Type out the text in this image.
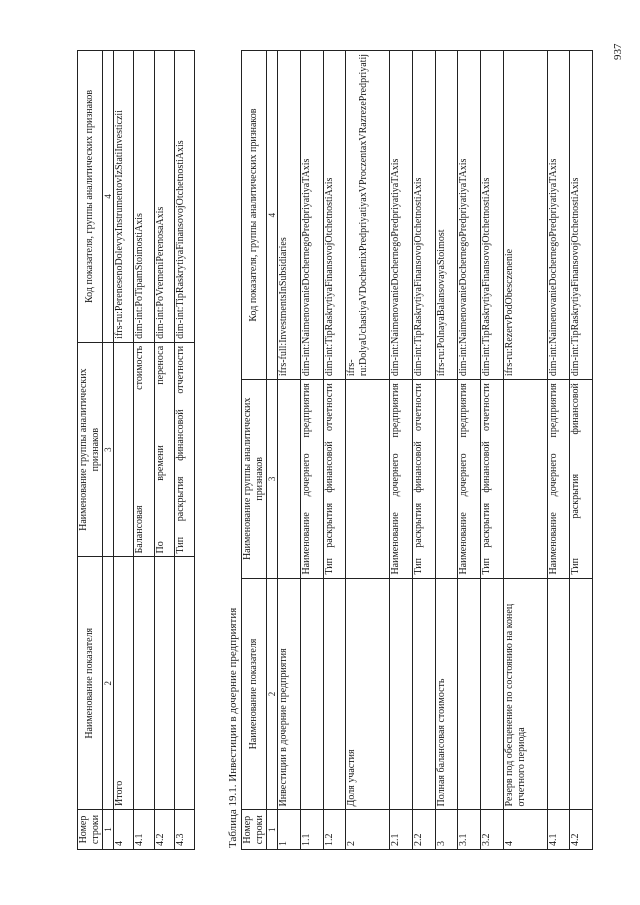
937
Номер строки	Наименование показателя	Наименование группы аналитических признаков	Код показателя, группы аналитических признаков
1	2	3	4
4	Итого		ifrs-ru:PerenesenoDolevyxInstrumentovIzStatiInvesticzii
4.1		Балансовая стоимость	dim-int:PoTipamStoimostiAxis
4.2		По времени переноса	dim-int:PoVremeniPerenosaAxis
4.3		Тип раскрытия финансовой отчетности	dim-int:TipRaskrytiyaFinansovojOtchetnostiAxis
Таблица 19.1. Инвестиции в дочерние предприятия Номер строки	Наименование показателя	Наименование группы аналитических признаков	Код показателя, группы аналитических признаков
1	2	3	4
1	Инвестиции в дочерние предприятия		ifrs-full:InvestmentsInSubsidiaries
1.1		Наименование дочернего предприятия	dim-int:NaimenovanieDochernegoPredpriyatiyaTAxis
1.2		Тип раскрытия финансовой отчетности	dim-int:TipRaskrytiyaFinansovojOtchetnostiAxis
2	Доля участия		ifrs-ru:DolyaUchastiyaVDochernixPredpriyatiyaxVProczentaxVRazrezePredpriyatij
2.1		Наименование дочернего предприятия	dim-int:NaimenovanieDochernegoPredpriyatiyaTAxis
2.2		Тип раскрытия финансовой отчетности	dim-int:TipRaskrytiyaFinansovojOtchetnostiAxis
3	Полная балансовая стоимость		ifrs-ru:PolnayaBalansovayaStoimost
3.1		Наименование дочернего предприятия	dim-int:NaimenovanieDochernegoPredpriyatiyaTAxis
3.2		Тип раскрытия финансовой отчетности	dim-int:TipRaskrytiyaFinansovojOtchetnostiAxis
4	Резерв под обесценение по состоянию на конец отчетного периода		ifrs-ru:RezervPodObesczenenie
4.1		Наименование дочернего предприятия	dim-int:NaimenovanieDochernegoPredpriyatiyaTAxis
4.2		Тип раскрытия финансовой	dim-int:TipRaskrytiyaFinansovojOtchetnostiAxis
